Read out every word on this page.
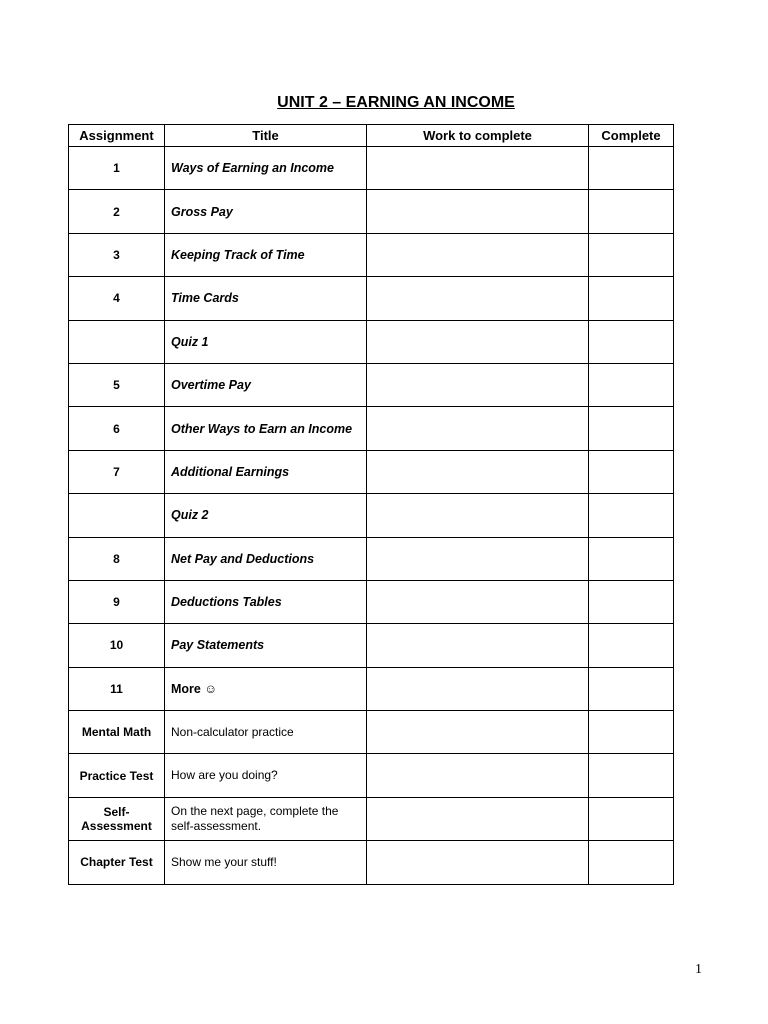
UNIT 2 – EARNING AN INCOME
Assignment	Title	Work to complete	Complete
1	Ways of Earning an Income		
2	Gross Pay		
3	Keeping Track of Time		
4	Time Cards		
	Quiz 1		
5	Overtime Pay		
6	Other Ways to Earn an Income		
7	Additional Earnings		
	Quiz 2		
8	Net Pay and Deductions		
9	Deductions Tables		
10	Pay Statements		
11	More ☺		
Mental Math	Non-calculator practice		
Practice Test	How are you doing?		
Self-Assessment	On the next page, complete the self-assessment.		
Chapter Test	Show me your stuff!		
1
